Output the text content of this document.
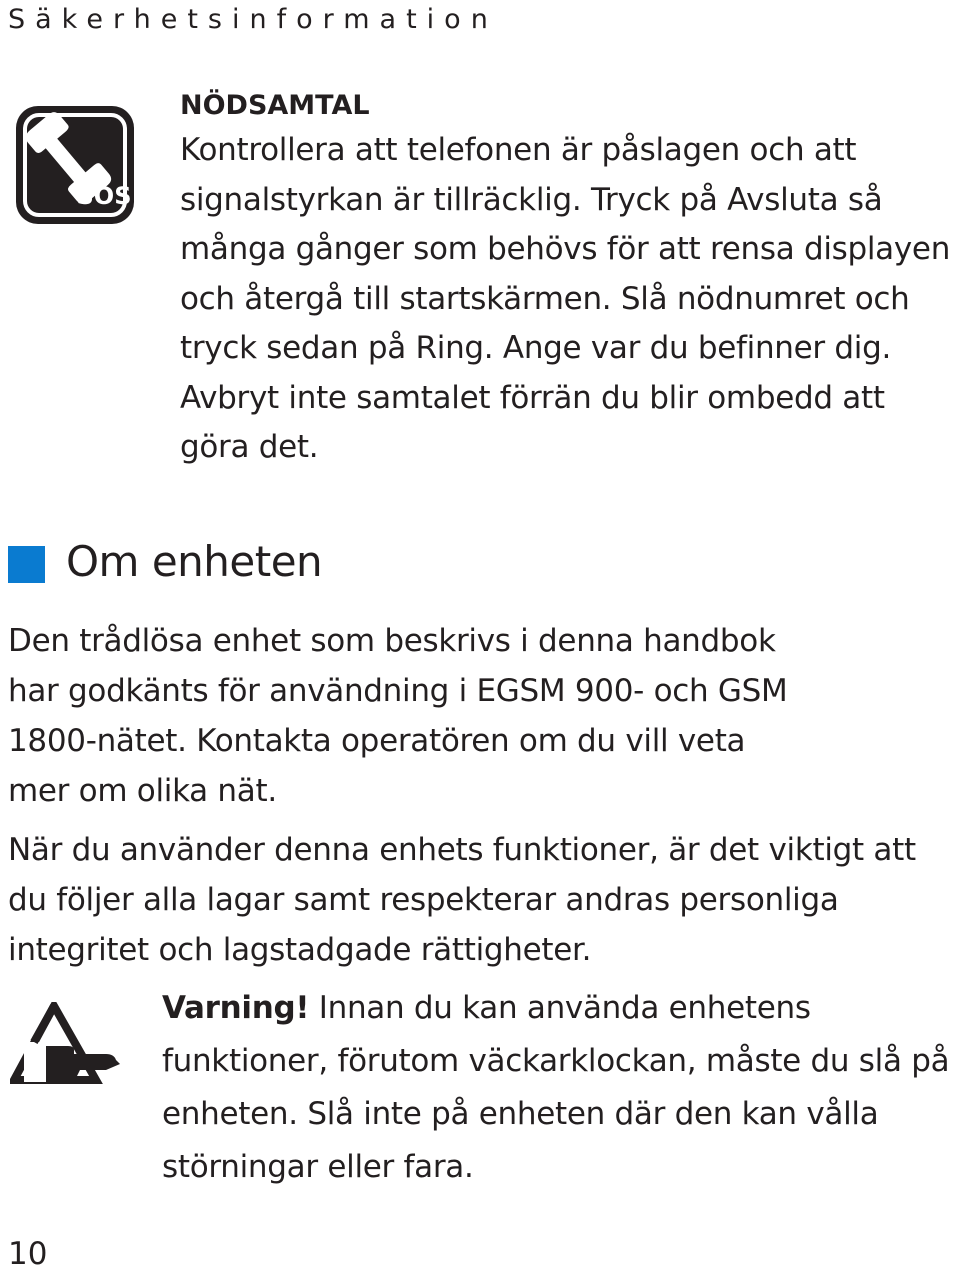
Säkerhetsinformation
SOS
NÖDSAMTAL
Kontrollera att telefonen är påslagen och att signalstyrkan är tillräcklig. Tryck på Avsluta så många gånger som behövs för att rensa displayen och återgå till startskärmen. Slå nödnumret och tryck sedan på Ring. Ange var du befinner dig. Avbryt inte samtalet förrän du blir ombedd att göra det.
Om enheten
Den trådlösa enhet som beskrivs i denna handbok har godkänts för användning i EGSM 900- och GSM 1800-nätet. Kontakta operatören om du vill veta mer om olika nät.
När du använder denna enhets funktioner, är det viktigt att du följer alla lagar samt respekterar andras personliga integritet och lagstadgade rättigheter.
Varning! Innan du kan använda enhetens funktioner, förutom väckarklockan, måste du slå på enheten. Slå inte på enheten där den kan vålla störningar eller fara.
10
